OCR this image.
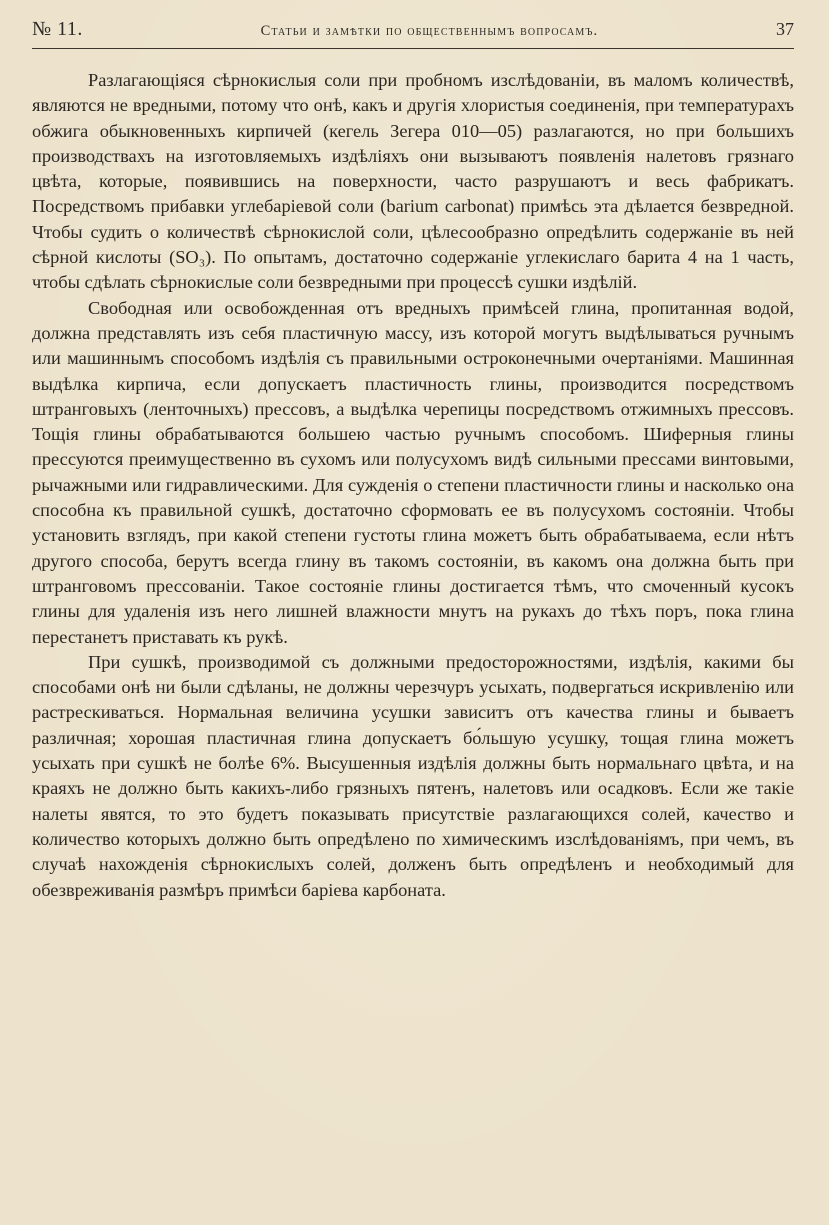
№ 11.	Статьи и замѣтки по общественнымъ вопросамъ.	37

Разлагающіяся сѣрнокислыя соли при пробномъ изслѣдованіи, въ маломъ количествѣ, являются не вредными, потому что онѣ, какъ и другія хлористыя соединенія, при температурахъ обжига обыкновенныхъ кирпичей (кегель Зегера 010—05) разлагаются, но при большихъ производствахъ на изготовляемыхъ издѣліяхъ они вызываютъ появленія налетовъ грязнаго цвѣта, которые, появившись на поверхности, часто разрушаютъ и весь фабрикатъ. Посредствомъ прибавки углебаріевой соли (barium carbonat) примѣсь эта дѣлается безвредной. Чтобы судить о количествѣ сѣрнокислой соли, цѣлесообразно опредѣлить содержаніе въ ней сѣрной кислоты (SO₃). По опытамъ, достаточно содержаніе углекислаго барита 4 на 1 часть, чтобы сдѣлать сѣрнокислые соли безвредными при процессѣ сушки издѣлій.

Свободная или освобожденная отъ вредныхъ примѣсей глина, пропитанная водой, должна представлять изъ себя пластичную массу, изъ которой могутъ выдѣлываться ручнымъ или машиннымъ способомъ издѣлія съ правильными остроконечными очертаніями. Машинная выдѣлка кирпича, если допускаетъ пластичность глины, производится посредствомъ штранговыхъ (ленточныхъ) прессовъ, а выдѣлка черепицы посредствомъ отжимныхъ прессовъ. Тощія глины обрабатываются большею частью ручнымъ способомъ. Шиферныя глины прессуются преимущественно въ сухомъ или полусухомъ видѣ сильными прессами винтовыми, рычажными или гидравлическими. Для сужденія о степени пластичности глины и насколько она способна къ правильной сушкѣ, достаточно сформовать ее въ полусухомъ состояніи. Чтобы установить взглядъ, при какой степени густоты глина можетъ быть обрабатываема, если нѣтъ другого способа, берутъ всегда глину въ такомъ состояніи, въ какомъ она должна быть при штранговомъ прессованіи. Такое состояніе глины достигается тѣмъ, что смоченный кусокъ глины для удаленія изъ него лишней влажности мнутъ на рукахъ до тѣхъ поръ, пока глина перестанетъ приставать къ рукѣ.

При сушкѣ, производимой съ должными предосторожностями, издѣлія, какими бы способами онѣ ни были сдѣланы, не должны черезчуръ усыхать, подвергаться искривленію или растрескиваться. Нормальная величина усушки зависитъ отъ качества глины и бываетъ различная; хорошая пластичная глина допускаетъ бо́льшую усушку, тощая глина можетъ усыхать при сушкѣ не болѣе 6%. Высушенныя издѣлія должны быть нормальнаго цвѣта, и на краяхъ не должно быть какихъ-либо грязныхъ пятенъ, налетовъ или осадковъ. Если же такіе налеты явятся, то это будетъ показывать присутствіе разлагающихся солей, качество и количество которыхъ должно быть опредѣлено по химическимъ изслѣдованіямъ, при чемъ, въ случаѣ нахожденія сѣрнокислыхъ солей, долженъ быть опредѣленъ и необходимый для обезвреживанія размѣръ примѣси баріева карбоната.
